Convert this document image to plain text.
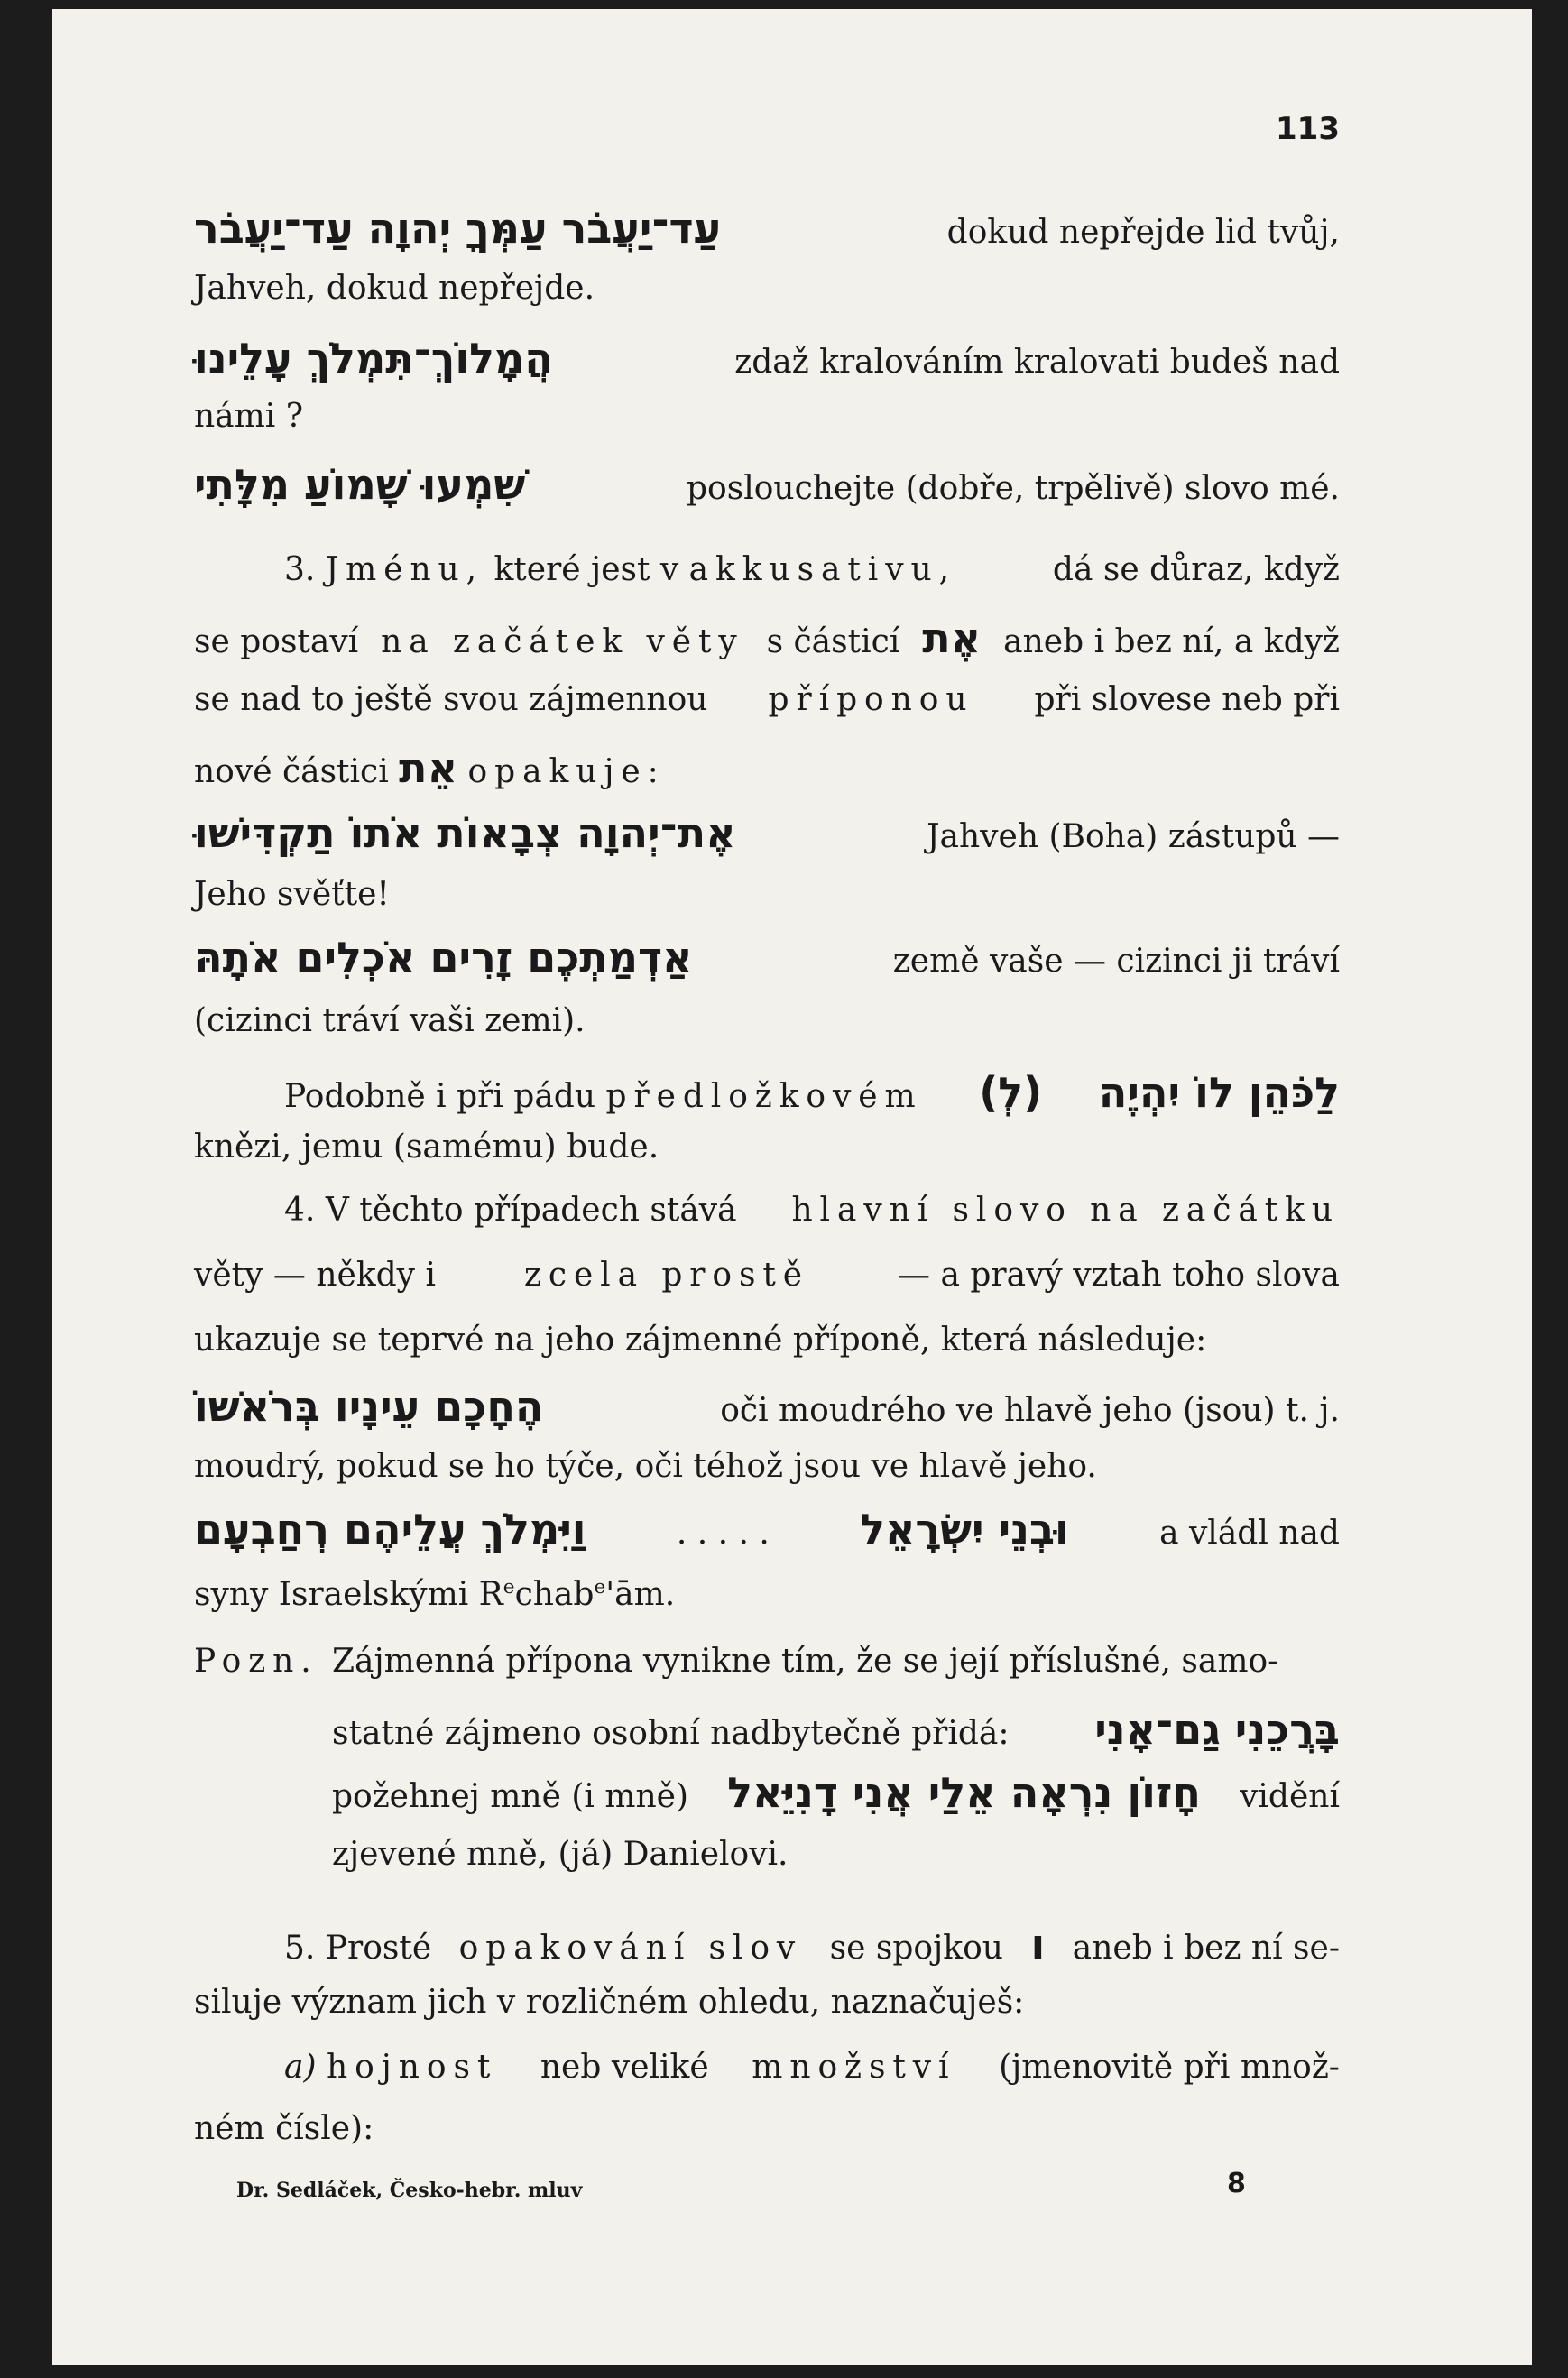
113
עַד־יַעֲבֹר עַמְּךָ יְהוָה עַד־יַעֲבֹר	dokud nepřejde lid tvůj,
Jahveh, dokud nepřejde.
הֲמָלוֹךְ־תִּמְלֹךְ עָלֵינוּ	zdaž kralováním kralovati budeš nad
námi ?
שִׁמְעוּ שָׁמוֹעַ מִלָּתִי	poslouchejte (dobře, trpělivě) slovo mé.
3. Jménu, které jest v akkusativu,	dá se důraz, když
se postaví na začátek věty s částicí אֶת aneb i bez ní, a když
se nad to ještě svou zájmennou příponou při slovese neb při
nové částici אֵת opakuje:
אֶת־יְהוָה צְבָאוֹת אֹתוֹ תַקְדִּישׁוּ	Jahveh (Boha) zástupů —
Jeho svěťte!
אַדְמַתְכֶם זָרִים אֹכְלִים אֹתָהּ	země vaše — cizinci ji tráví
(cizinci tráví vaši zemi).
Podobně i při pádu předložkovém (לְ) לַכֹּהֵן לוֹ יִהְיֶה
knězi, jemu (samému) bude.
4. V těchto případech stává hlavní slovo na začátku
věty — někdy i	zcela prostě	— a pravý vztah toho slova
ukazuje se teprvé na jeho zájmenné příponě, která následuje:
הֶחָכָם עֵינָיו בְּרֹאשׁוֹ	oči moudrého ve hlavě jeho (jsou) t. j.
moudrý, pokud se ho týče, oči téhož jsou ve hlavě jeho.
וַיִּמְלֹךְ עֲלֵיהֶם רְחַבְעָם	. . . . . וּבְנֵי יִשְׂרָאֵל	a vládl nad
syny Israelskými $R^echab^e'ām$.
Pozn. Zájmenná přípona vynikne tím, že se její příslušné, samo-
statné zájmeno osobní nadbytečně přidá: בָּרֲכֵנִי גַם־אָנִי
požehnej mně (i mně) חָזוֹן נִרְאָה אֵלַי אֲנִי דָנִיֵּאל vidění
zjevené mně, (já) Danielovi.
5. Prosté opakování slov se spojkou ו aneb i bez ní se-
siluje význam jich v rozličném ohledu, naznačuješ:
a) hojnost neb veliké množství (jmenovitě při množ-
ném čísle):
Dr. Sedláček, Česko-hebr. mluv	8
